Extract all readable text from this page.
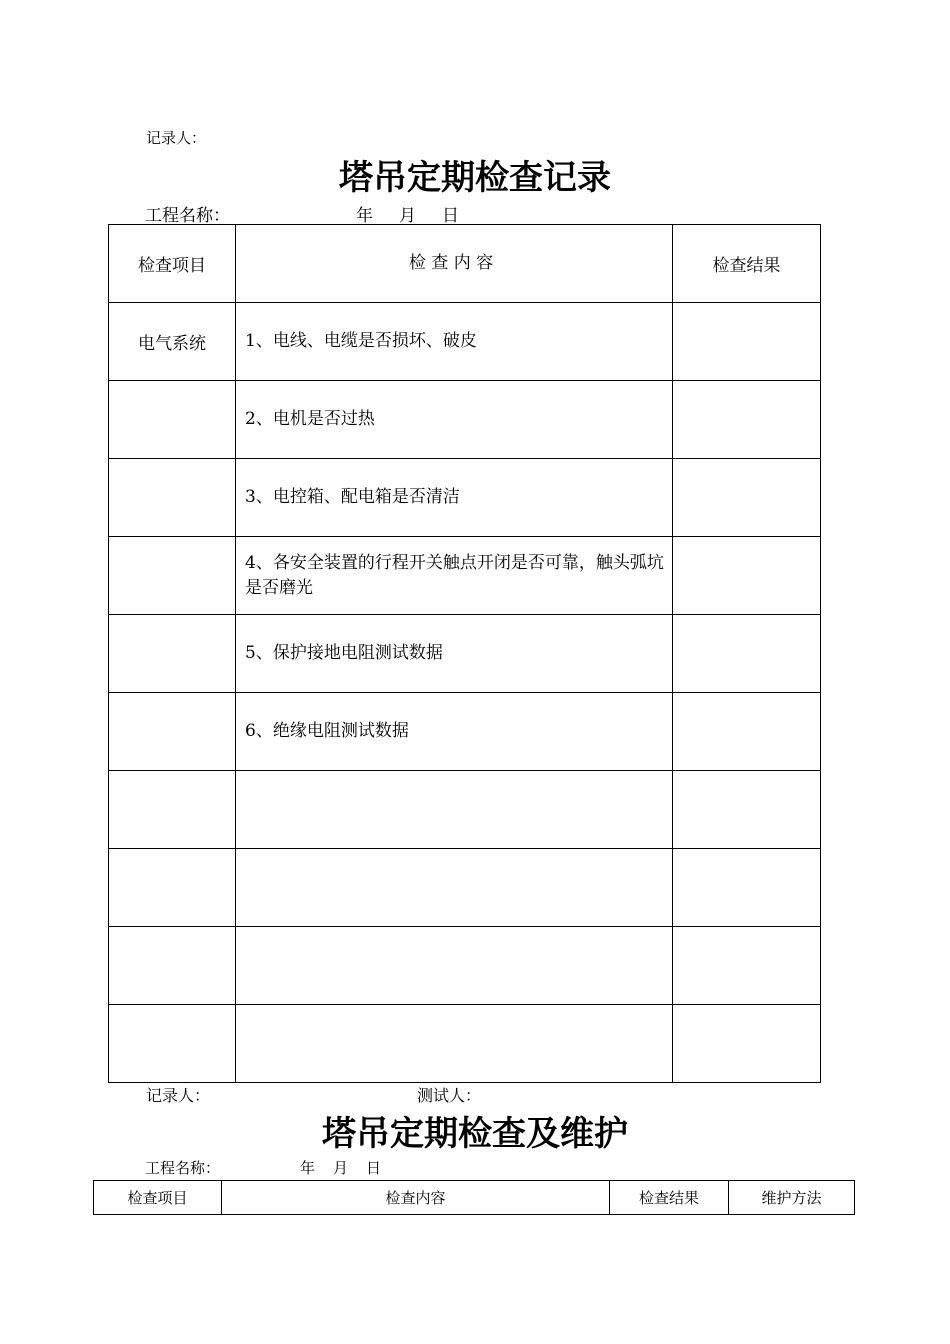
记录人：
塔吊定期检查记录
工程名称：	年 月 日
检查项目	检 查 内 容	检查结果
电气系统	1、电线、电缆是否损坏、破皮	
	2、电机是否过热	
	3、电控箱、配电箱是否清洁	
	4、各安全装置的行程开关触点开闭是否可靠，触头弧坑是否磨光	
	5、保护接地电阻测试数据	
	6、绝缘电阻测试数据	

记录人：	测试人：
塔吊定期检查及维护
工程名称：	年 月 日
检查项目	检查内容	检查结果	维护方法
